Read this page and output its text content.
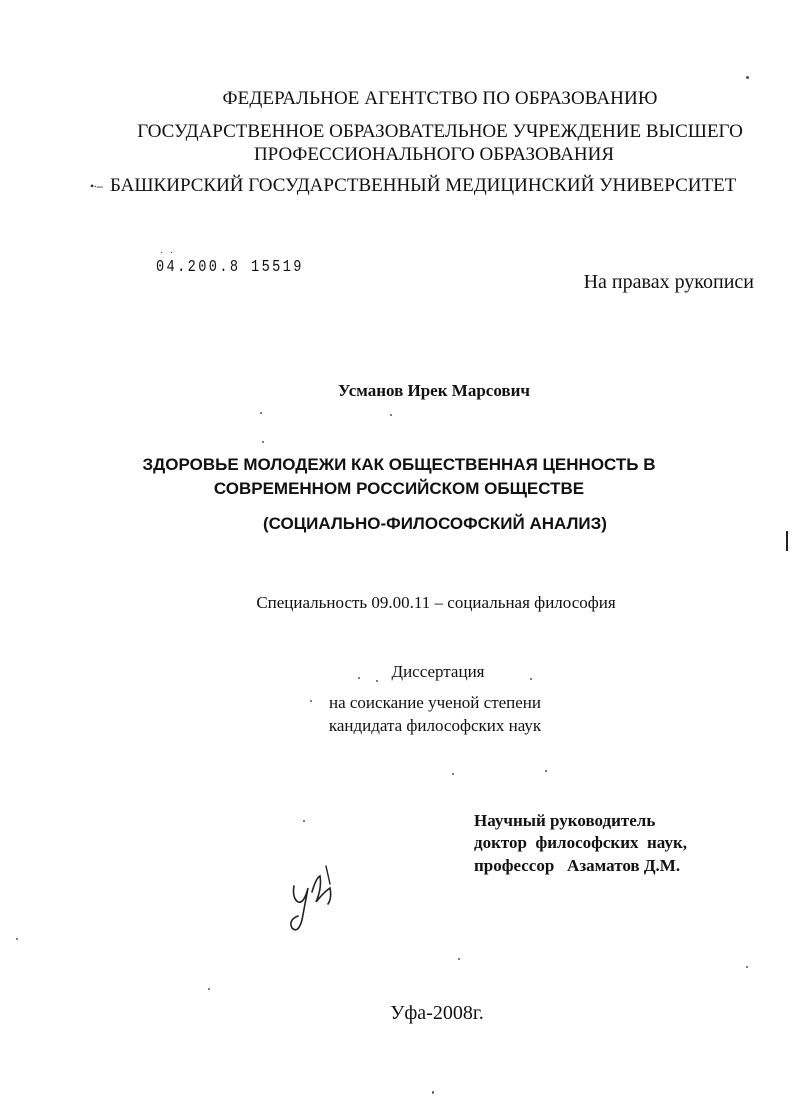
ФЕДЕРАЛЬНОЕ АГЕНТСТВО ПО ОБРАЗОВАНИЮ
ГОСУДАРСТВЕННОЕ ОБРАЗОВАТЕЛЬНОЕ УЧРЕЖДЕНИЕ ВЫСШЕГО
ПРОФЕССИОНАЛЬНОГО ОБРАЗОВАНИЯ
•·-- БАШКИРСКИЙ ГОСУДАРСТВЕННЫЙ МЕДИЦИНСКИЙ УНИВЕРСИТЕТ
· ·
04.200.8 15519
На правах рукописи
Усманов Ирек Марсович
ЗДОРОВЬЕ МОЛОДЕЖИ КАК ОБЩЕСТВЕННАЯ ЦЕННОСТЬ В
СОВРЕМЕННОМ РОССИЙСКОМ ОБЩЕСТВЕ
(СОЦИАЛЬНО-ФИЛОСОФСКИЙ АНАЛИЗ)
Специальность 09.00.11 – социальная философия
Диссертация
на соискание ученой степени
кандидата философских наук
Научный руководитель
доктор  философских  наук,
профессор   Азаматов Д.М.
Уфа-2008г.
